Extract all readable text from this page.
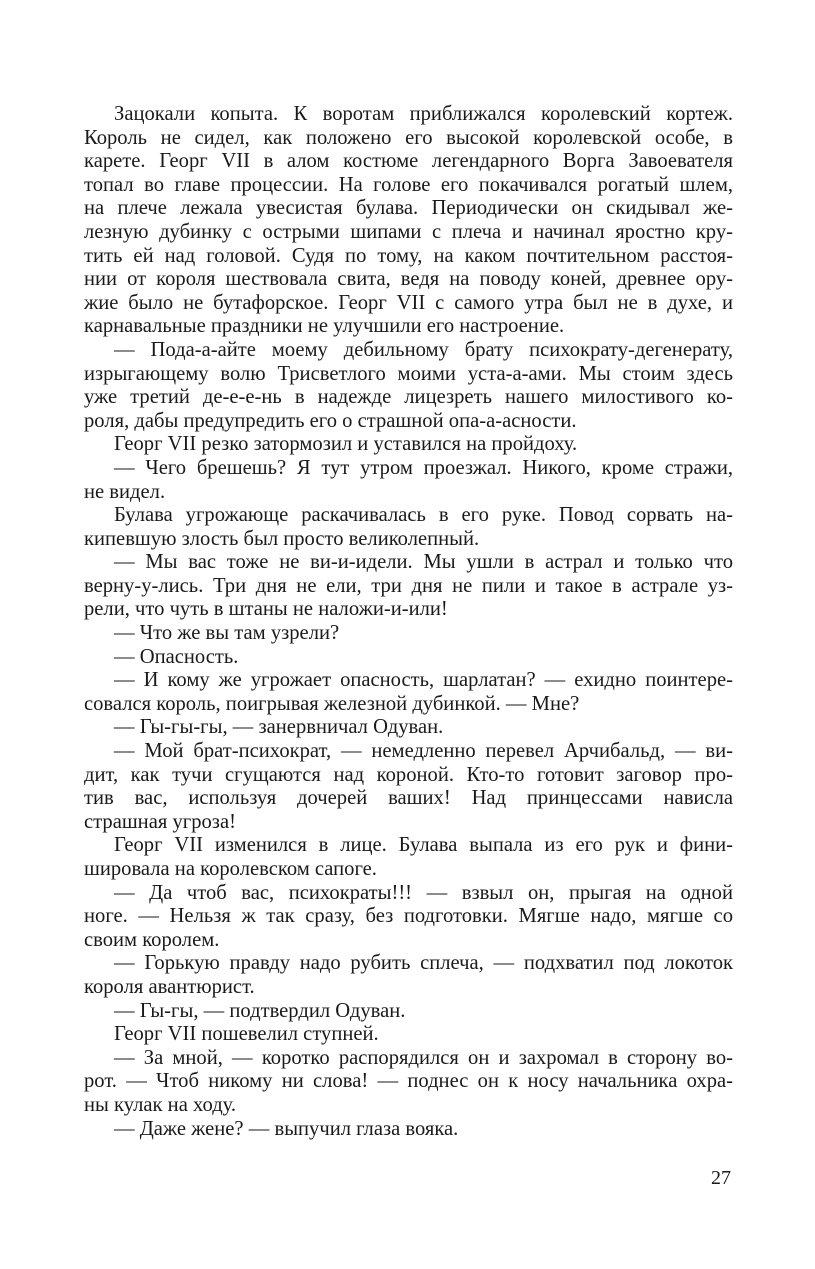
Зацокали копыта. К воротам приближался королевский кортеж.
Король не сидел, как положено его высокой королевской особе, в
карете. Георг VII в алом костюме легендарного Ворга Завоевателя
топал во главе процессии. На голове его покачивался рогатый шлем,
на плече лежала увесистая булава. Периодически он скидывал же-
лезную дубинку с острыми шипами с плеча и начинал яростно кру-
тить ей над головой. Судя по тому, на каком почтительном расстоя-
нии от короля шествовала свита, ведя на поводу коней, древнее ору-
жие было не бутафорское. Георг VII с самого утра был не в духе, и
карнавальные праздники не улучшили его настроение.
— Пода-а-айте моему дебильному брату психократу-дегенерату,
изрыгающему волю Трисветлого моими уста-а-ами. Мы стоим здесь
уже третий де-е-е-нь в надежде лицезреть нашего милостивого ко-
роля, дабы предупредить его о страшной опа-а-асности.
Георг VII резко затормозил и уставился на пройдоху.
— Чего брешешь? Я тут утром проезжал. Никого, кроме стражи,
не видел.
Булава угрожающе раскачивалась в его руке. Повод сорвать на-
кипевшую злость был просто великолепный.
— Мы вас тоже не ви-и-идели. Мы ушли в астрал и только что
верну-у-лись. Три дня не ели, три дня не пили и такое в астрале уз-
рели, что чуть в штаны не наложи-и-или!
— Что же вы там узрели?
— Опасность.
— И кому же угрожает опасность, шарлатан? — ехидно поинтере-
совался король, поигрывая железной дубинкой. — Мне?
— Гы-гы-гы, — занервничал Одуван.
— Мой брат-психократ, — немедленно перевел Арчибальд, — ви-
дит, как тучи сгущаются над короной. Кто-то готовит заговор про-
тив вас, используя дочерей ваших! Над принцессами нависла
страшная угроза!
Георг VII изменился в лице. Булава выпала из его рук и фини-
шировала на королевском сапоге.
— Да чтоб вас, психократы!!! — взвыл он, прыгая на одной
ноге. — Нельзя ж так сразу, без подготовки. Мягше надо, мягше со
своим королем.
— Горькую правду надо рубить сплеча, — подхватил под локоток
короля авантюрист.
— Гы-гы, — подтвердил Одуван.
Георг VII пошевелил ступней.
— За мной, — коротко распорядился он и захромал в сторону во-
рот. — Чтоб никому ни слова! — поднес он к носу начальника охра-
ны кулак на ходу.
— Даже жене? — выпучил глаза вояка.
27
